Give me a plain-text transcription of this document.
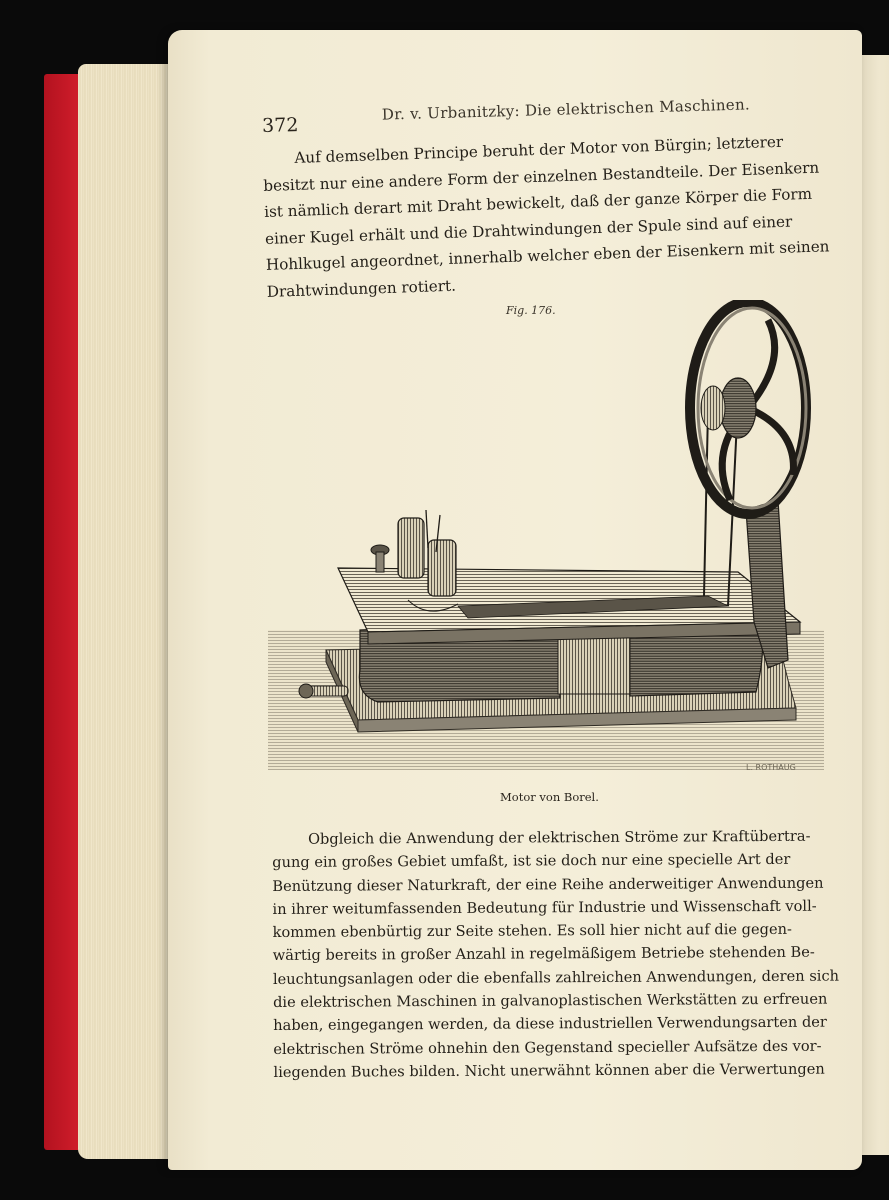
372
Dr. v. Urbanitzky: Die elektrischen Maschinen.
Auf demselben Principe beruht der Motor von Bürgin; letzterer
besitzt nur eine andere Form der einzelnen Bestandteile. Der Eisenkern
ist nämlich derart mit Draht bewickelt, daß der ganze Körper die Form
einer Kugel erhält und die Drahtwindungen der Spule sind auf einer
Hohlkugel angeordnet, innerhalb welcher eben der Eisenkern mit seinen
Drahtwindungen rotiert.
Fig. 176.
L. ROTHAUG
Motor von Borel.
Obgleich die Anwendung der elektrischen Ströme zur Kraftübertra-
gung ein großes Gebiet umfaßt, ist sie doch nur eine specielle Art der
Benützung dieser Naturkraft, der eine Reihe anderweitiger Anwendungen
in ihrer weitumfassenden Bedeutung für Industrie und Wissenschaft voll-
kommen ebenbürtig zur Seite stehen. Es soll hier nicht auf die gegen-
wärtig bereits in großer Anzahl in regelmäßigem Betriebe stehenden Be-
leuchtungsanlagen oder die ebenfalls zahlreichen Anwendungen, deren sich
die elektrischen Maschinen in galvanoplastischen Werkstätten zu erfreuen
haben, eingegangen werden, da diese industriellen Verwendungsarten der
elektrischen Ströme ohnehin den Gegenstand specieller Aufsätze des vor-
liegenden Buches bilden. Nicht unerwähnt können aber die Verwertungen
